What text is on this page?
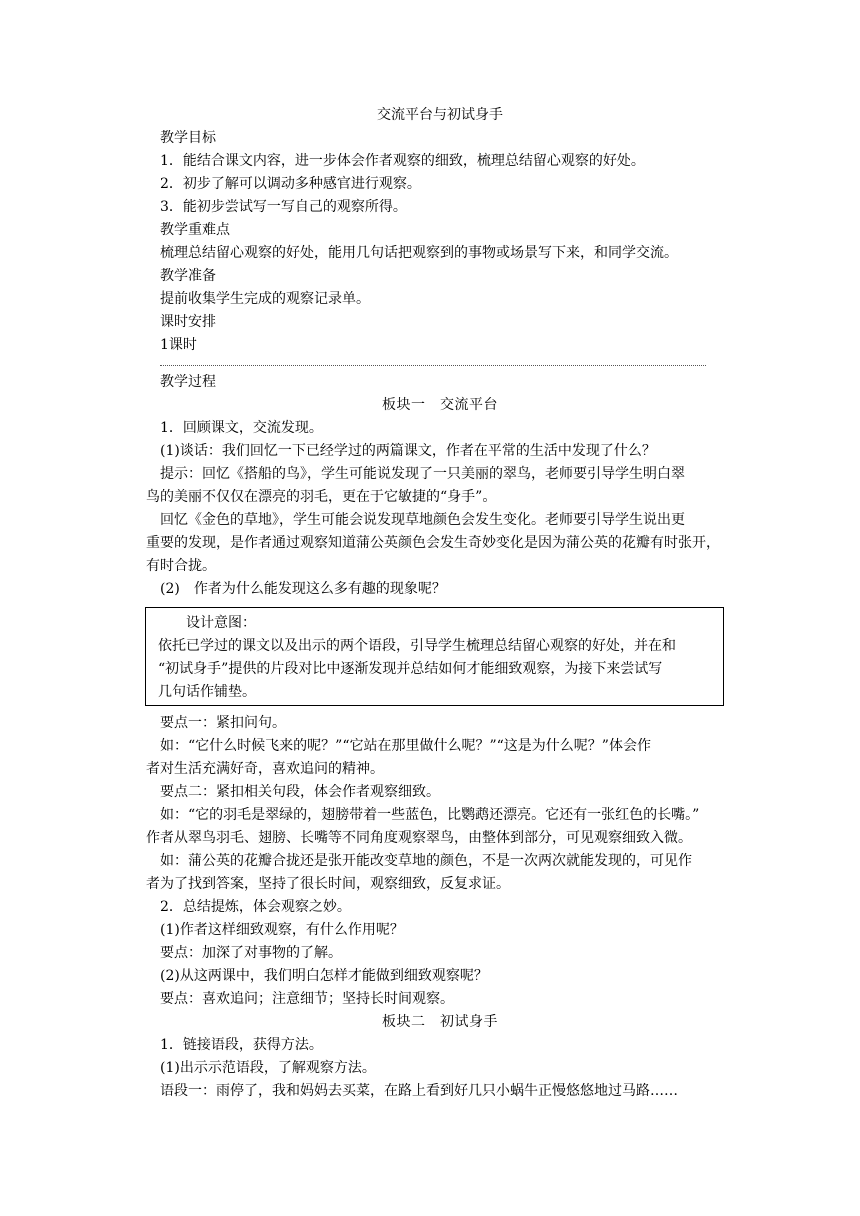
交流平台与初试身手

教学目标

1．能结合课文内容，进一步体会作者观察的细致，梳理总结留心观察的好处。

2．初步了解可以调动多种感官进行观察。

3．能初步尝试写一写自己的观察所得。

教学重难点

梳理总结留心观察的好处，能用几句话把观察到的事物或场景写下来，和同学交流。

教学准备

提前收集学生完成的观察记录单。

课时安排

1课时

教学过程

板块一　交流平台

1．回顾课文，交流发现。

(1)谈话：我们回忆一下已经学过的两篇课文，作者在平常的生活中发现了什么？

提示：回忆《搭船的鸟》，学生可能说发现了一只美丽的翠鸟，老师要引导学生明白翠

鸟的美丽不仅仅在漂亮的羽毛，更在于它敏捷的“身手”。

回忆《金色的草地》，学生可能会说发现草地颜色会发生变化。老师要引导学生说出更

重要的发现，是作者通过观察知道蒲公英颜色会发生奇妙变化是因为蒲公英的花瓣有时张开，

有时合拢。

(2)　作者为什么能发现这么多有趣的现象呢？

设计意图：

依托已学过的课文以及出示的两个语段，引导学生梳理总结留心观察的好处，并在和

“初试身手”提供的片段对比中逐渐发现并总结如何才能细致观察，为接下来尝试写

几句话作铺垫。

要点一：紧扣问句。

如：“它什么时候飞来的呢？”“它站在那里做什么呢？”“这是为什么呢？”体会作

者对生活充满好奇，喜欢追问的精神。

要点二：紧扣相关句段，体会作者观察细致。

如：“它的羽毛是翠绿的，翅膀带着一些蓝色，比鹦鹉还漂亮。它还有一张红色的长嘴。”

作者从翠鸟羽毛、翅膀、长嘴等不同角度观察翠鸟，由整体到部分，可见观察细致入微。

如：蒲公英的花瓣合拢还是张开能改变草地的颜色，不是一次两次就能发现的，可见作

者为了找到答案，坚持了很长时间，观察细致，反复求证。

2．总结提炼，体会观察之妙。

(1)作者这样细致观察，有什么作用呢？

要点：加深了对事物的了解。

(2)从这两课中，我们明白怎样才能做到细致观察呢？

要点：喜欢追问；注意细节；坚持长时间观察。

板块二　初试身手

1．链接语段，获得方法。

(1)出示示范语段，了解观察方法。

语段一：雨停了，我和妈妈去买菜，在路上看到好几只小蜗牛正慢悠悠地过马路……
